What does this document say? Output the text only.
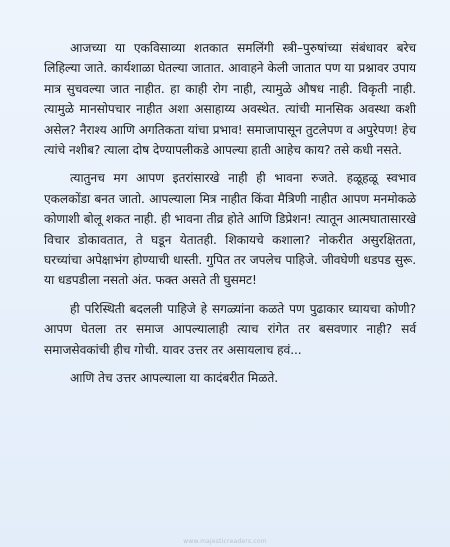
आजच्या या एकविसाव्या शतकात समलिंगी स्त्री–पुरुषांच्या संबंधावर बरेच लिहिल्या जाते. कार्यशाळा घेतल्या जातात. आवाहने केली जातात पण या प्रश्नावर उपाय मात्र सुचवल्या जात नाहीत. हा काही रोग नाही, त्यामुळे औषध नाही. विकृती नाही. त्यामुळे मानसोपचार नाहीत अशा असाहाय्य अवस्थेत. त्यांची मानसिक अवस्था कशी असेल? नैराश्य आणि अगतिकता यांचा प्रभाव! समाजापासून तुटलेपण व अपुरेपण! हेच त्यांचे नशीब? त्याला दोष देण्यापलीकडे आपल्या हाती आहेच काय? तसे कधी नसते.

त्यातुनच मग आपण इतरांसारखे नाही ही भावना रुजते. हळूहळू स्वभाव एकलकोंडा बनत जातो. आपल्याला मित्र नाहीत किंवा मैत्रिणी नाहीत आपण मनमोकळे कोणाशी बोलू शकत नाही. ही भावना तीव्र होते आणि डिप्रेशन! त्यातून आत्मघातासारखे विचार डोकावतात, ते घडून येतातही. शिकायचे कशाला? नोकरीत असुरक्षितता, घरच्यांचा अपेक्षाभंग होण्याची धास्ती. गुपित तर जपलेच पाहिजे. जीवघेणी धडपड सुरू. या धडपडीला नसतो अंत. फक्त असते ती घुसमट!

ही परिस्थिती बदलली पाहिजे हे सगळ्यांना कळते पण पुढाकार घ्यायचा कोणी? आपण घेतला तर समाज आपल्यालाही त्याच रांगेत तर बसवणार नाही? सर्व समाजसेवकांची हीच गोची. यावर उत्तर तर असायलाच हवं...

आणि तेच उत्तर आपल्याला या कादंबरीत मिळते.

www.majesticreaders.com
